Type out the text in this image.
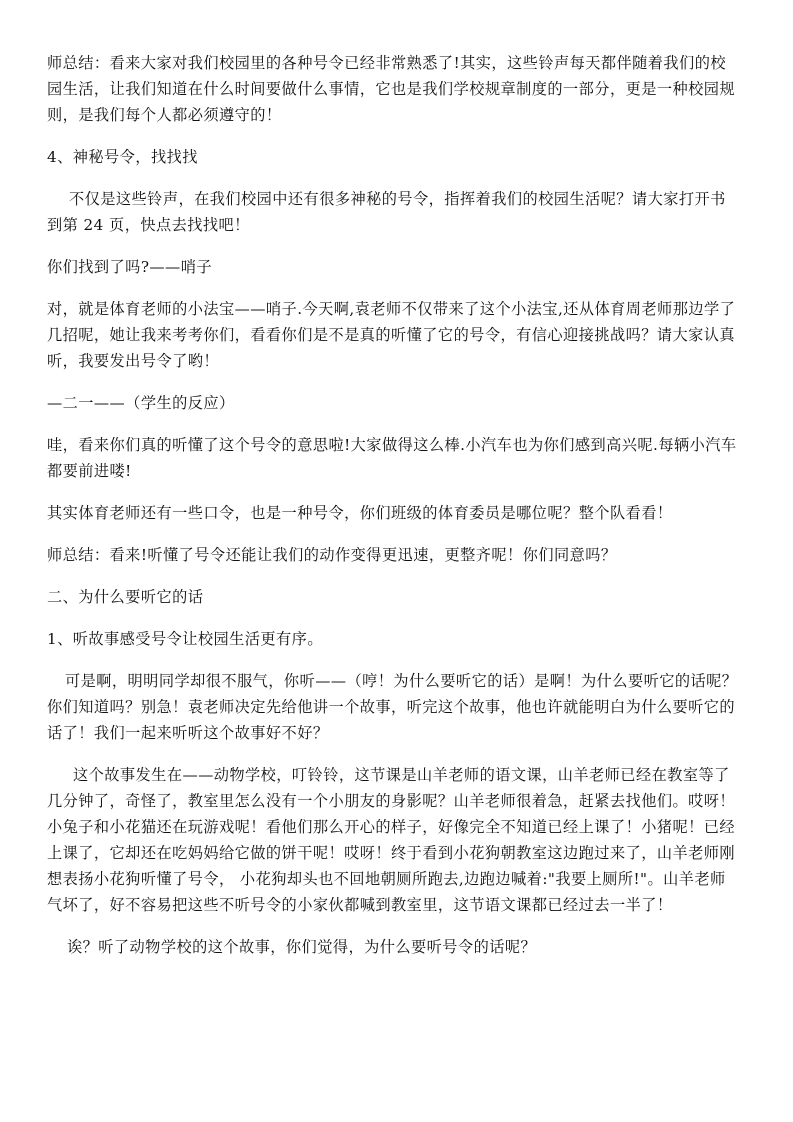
师总结：看来大家对我们校园里的各种号令已经非常熟悉了!其实，这些铃声每天都伴随着我们的校
园生活，让我们知道在什么时间要做什么事情，它也是我们学校规章制度的一部分，更是一种校园规
则，是我们每个人都必须遵守的！
4、神秘号令，找找找
不仅是这些铃声，在我们校园中还有很多神秘的号令，指挥着我们的校园生活呢？请大家打开书
到第 24 页，快点去找找吧！
你们找到了吗?——哨子
对，就是体育老师的小法宝——哨子.今天啊,袁老师不仅带来了这个小法宝,还从体育周老师那边学了
几招呢，她让我来考考你们，看看你们是不是真的听懂了它的号令，有信心迎接挑战吗？请大家认真
听，我要发出号令了哟！
—二一——（学生的反应）
哇，看来你们真的听懂了这个号令的意思啦!大家做得这么棒.小汽车也为你们感到高兴呢.每辆小汽车
都要前进喽!
其实体育老师还有一些口令，也是一种号令，你们班级的体育委员是哪位呢？整个队看看！
师总结：看来!听懂了号令还能让我们的动作变得更迅速，更整齐呢！你们同意吗？
二、为什么要听它的话
1、听故事感受号令让校园生活更有序。
可是啊，明明同学却很不服气，你听——（哼！为什么要听它的话）是啊！为什么要听它的话呢？
你们知道吗？别急！袁老师决定先给他讲一个故事，听完这个故事，他也许就能明白为什么要听它的
话了！我们一起来听听这个故事好不好？
这个故事发生在——动物学校，叮铃铃，这节课是山羊老师的语文课，山羊老师已经在教室等了
几分钟了，奇怪了，教室里怎么没有一个小朋友的身影呢？山羊老师很着急，赶紧去找他们。哎呀！
小兔子和小花猫还在玩游戏呢！看他们那么开心的样子，好像完全不知道已经上课了！小猪呢！已经
上课了，它却还在吃妈妈给它做的饼干呢！哎呀！终于看到小花狗朝教室这边跑过来了，山羊老师刚
想表扬小花狗听懂了号令， 小花狗却头也不回地朝厕所跑去,边跑边喊着:"我要上厕所!"。山羊老师
气坏了，好不容易把这些不听号令的小家伙都喊到教室里，这节语文课都已经过去一半了！
诶？听了动物学校的这个故事，你们觉得，为什么要听号令的话呢？
